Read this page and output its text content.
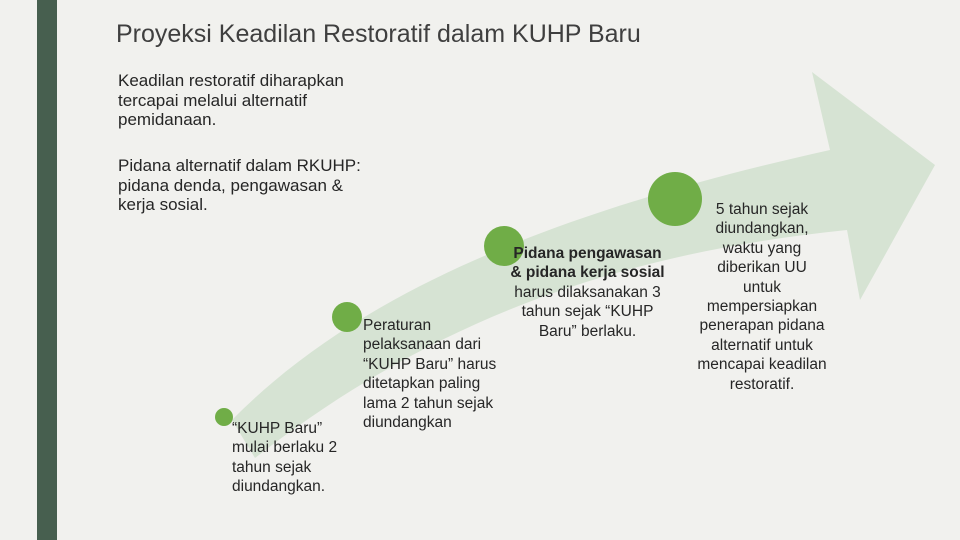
Proyeksi Keadilan Restoratif dalam KUHP Baru
Keadilan restoratif diharapkan tercapai melalui alternatif pemidanaan.
Pidana alternatif dalam RKUHP: pidana denda, pengawasan & kerja sosial.
“KUHP Baru” mulai berlaku 2 tahun sejak diundangkan.
Peraturan pelaksanaan dari “KUHP Baru” harus ditetapkan paling lama 2 tahun sejak diundangkan
Pidana pengawasan & pidana kerja sosial harus dilaksanakan 3 tahun sejak “KUHP Baru” berlaku.
5 tahun sejak diundangkan, waktu yang diberikan UU untuk mempersiapkan penerapan pidana alternatif untuk mencapai keadilan restoratif.
